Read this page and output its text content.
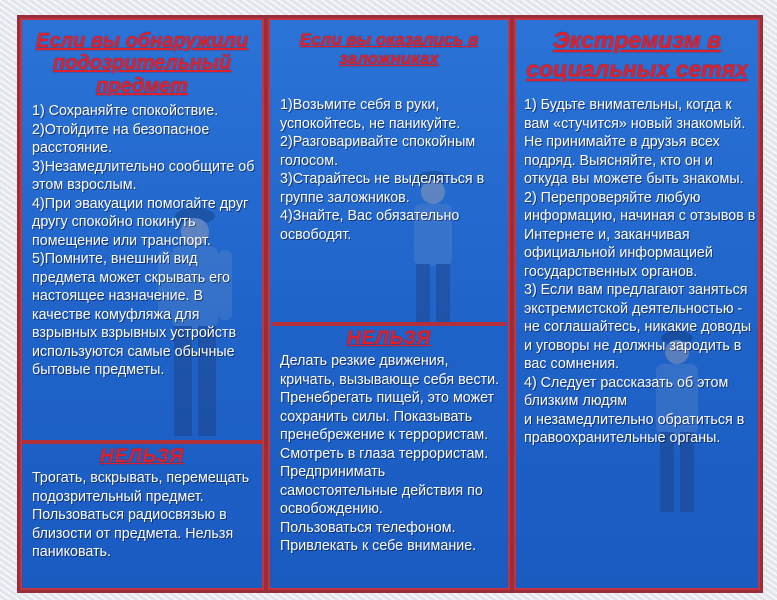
Если вы обнаружили подозрительный предмет
1) Сохраняйте спокойствие.
2)Отойдите на безопасное расстояние.
3)Незамедлительно сообщите об этом взрослым.
4)При эвакуации помогайте друг другу спокойно покинуть помещение или транспорт.
5)Помните, внешний вид предмета может скрывать его настоящее назначение. В качестве комуфляжа для взрывных взрывных устройств используются самые обычные бытовые предметы.
НЕЛЬЗЯ
Трогать, вскрывать, перемещать подозрительный предмет. Пользоваться радиосвязью в близости от предмета. Нельзя паниковать.
Если вы оказались в заложниках
1)Возьмите себя в руки, успокойтесь, не паникуйте.
2)Разговаривайте спокойным голосом.
3)Старайтесь не выделяться в группе заложников.
4)Знайте, Вас обязательно освободят.
НЕЛЬЗЯ
Делать резкие движения, кричать, вызывающе себя вести. Пренебрегать пищей, это может сохранить силы. Показывать пренебрежение к террористам. Смотреть в глаза террористам.
Предпринимать самостоятельные действия по освобождению.
Пользоваться телефоном.
Привлекать к себе внимание.
Экстремизм в социальных сетях
1) Будьте внимательны, когда к вам «стучится» новый знакомый. Не принимайте в друзья всех подряд. Выясняйте, кто он и откуда вы можете быть знакомы.
2) Перепроверяйте любую информацию, начиная с отзывов в Интернете и, заканчивая официальной информацией государственных органов.
3) Если вам предлагают заняться экстремистской деятельностью -
не соглашайтесь, никакие доводы и уговоры не должны зародить в вас сомнения.
4) Следует рассказать об этом близким людям
и незамедлительно обратиться в правоохранительные органы.
